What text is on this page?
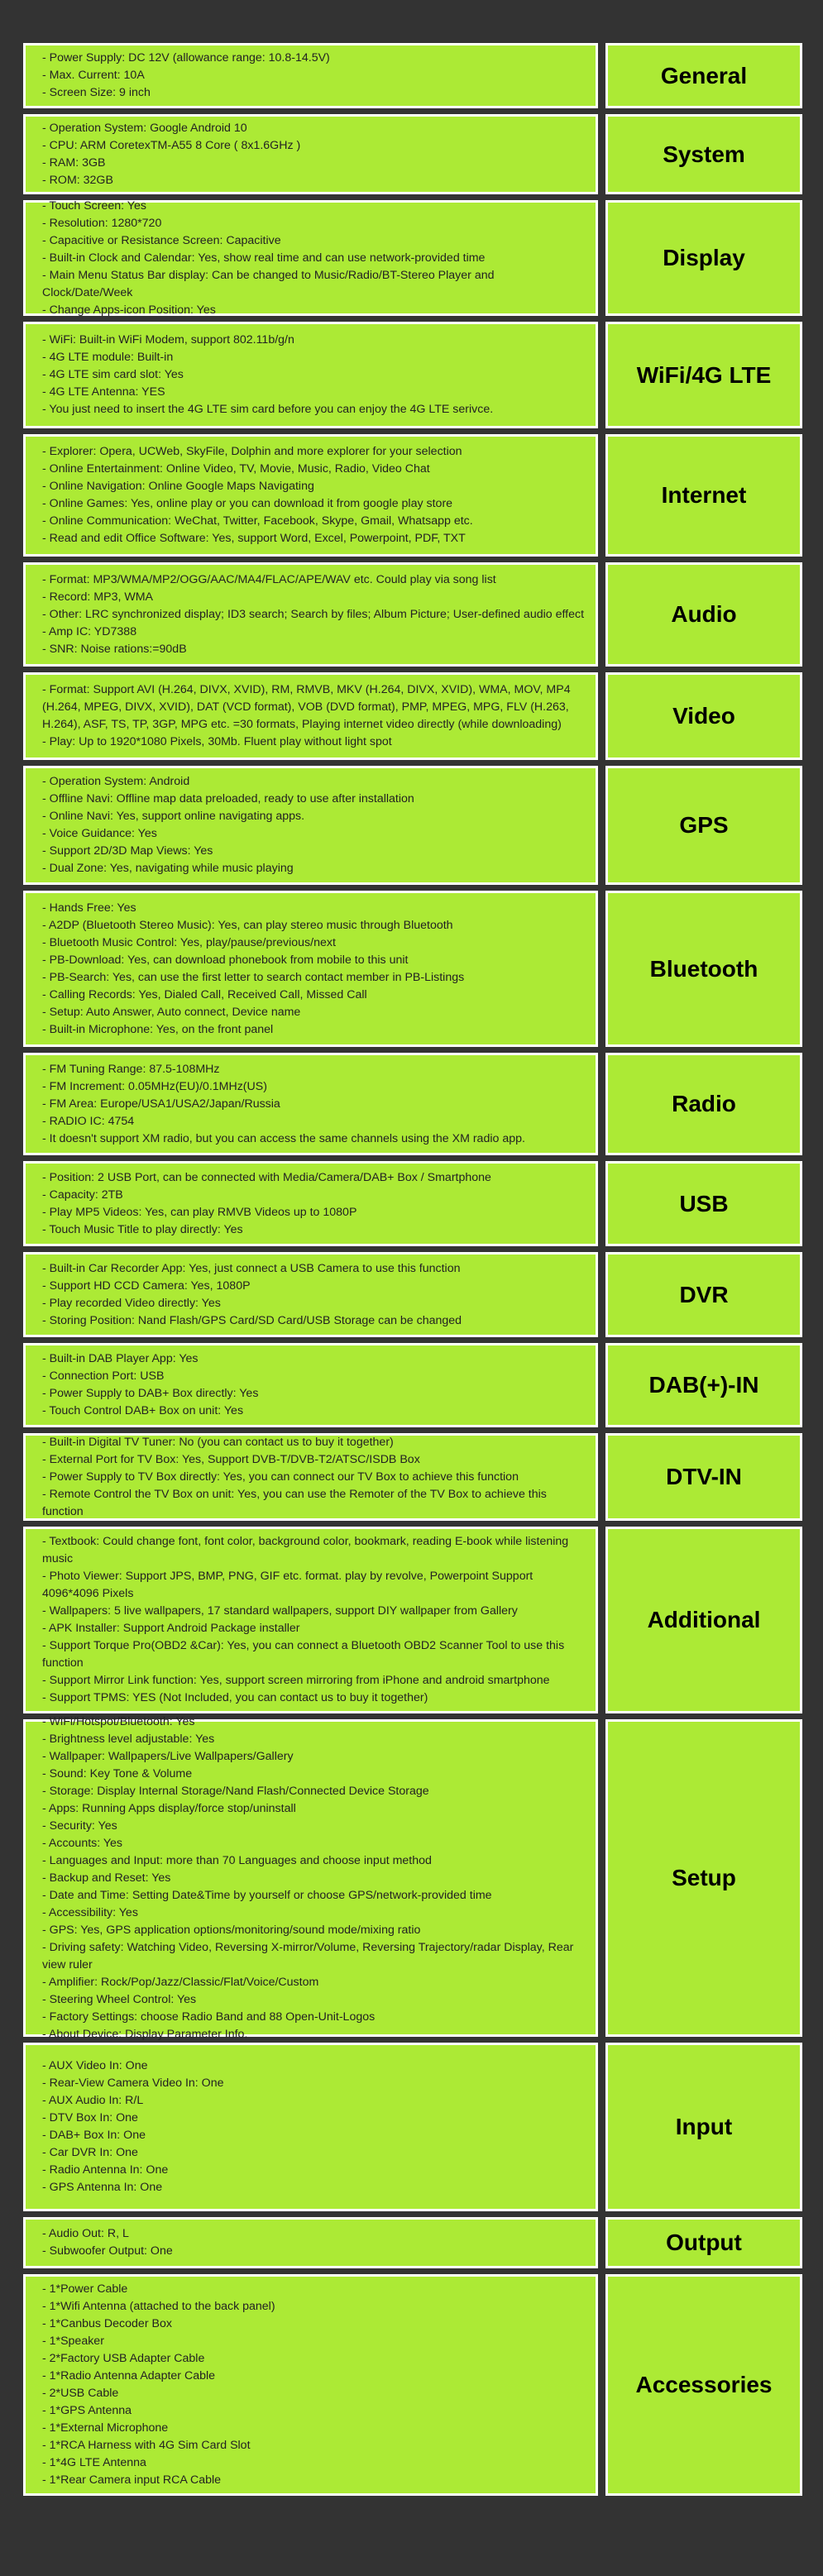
- Power Supply: DC 12V (allowance range: 10.8-14.5V)
- Max. Current: 10A
- Screen Size: 9 inch
General
- Operation System: Google Android 10
- CPU: ARM CoretexTM-A55 8 Core ( 8x1.6GHz )
- RAM: 3GB
- ROM: 32GB
System
- Touch Screen: Yes
- Resolution: 1280*720
- Capacitive or Resistance Screen: Capacitive
- Built-in Clock and Calendar: Yes, show real time and can use network-provided time
- Main Menu Status Bar display: Can be changed to Music/Radio/BT-Stereo Player and Clock/Date/Week
- Change Apps-icon Position: Yes
Display
- WiFi: Built-in WiFi Modem, support 802.11b/g/n
- 4G LTE module: Built-in
- 4G LTE sim card slot: Yes
- 4G LTE Antenna: YES
- You just need to insert the 4G LTE sim card before you can enjoy the 4G LTE serivce.
WiFi/4G LTE
- Explorer: Opera, UCWeb, SkyFile, Dolphin and more explorer for your selection
- Online Entertainment: Online Video, TV, Movie, Music, Radio, Video Chat
- Online Navigation: Online Google Maps Navigating
- Online Games: Yes, online play or you can download it from google play store
- Online Communication: WeChat, Twitter, Facebook, Skype, Gmail, Whatsapp etc.
- Read and edit Office Software: Yes, support Word, Excel, Powerpoint, PDF, TXT
Internet
- Format: MP3/WMA/MP2/OGG/AAC/MA4/FLAC/APE/WAV etc. Could play via song list
- Record: MP3, WMA
- Other: LRC synchronized display; ID3 search; Search by files; Album Picture; User-defined audio effect
- Amp IC: YD7388
- SNR: Noise rations:=90dB
Audio
- Format: Support AVI (H.264, DIVX, XVID), RM, RMVB, MKV (H.264, DIVX, XVID), WMA, MOV, MP4 (H.264, MPEG, DIVX, XVID), DAT (VCD format), VOB (DVD format), PMP, MPEG, MPG, FLV (H.263, H.264), ASF, TS, TP, 3GP, MPG etc. =30 formats, Playing internet video directly (while downloading)
- Play: Up to 1920*1080 Pixels, 30Mb. Fluent play without light spot
Video
- Operation System: Android
- Offline Navi: Offline map data preloaded, ready to use after installation
- Online Navi: Yes, support online navigating apps.
- Voice Guidance: Yes
- Support 2D/3D Map Views: Yes
- Dual Zone: Yes, navigating while music playing
GPS
- Hands Free: Yes
- A2DP (Bluetooth Stereo Music): Yes, can play stereo music through Bluetooth
- Bluetooth Music Control: Yes, play/pause/previous/next
- PB-Download: Yes, can download phonebook from mobile to this unit
- PB-Search: Yes, can use the first letter to search contact member in PB-Listings
- Calling Records: Yes, Dialed Call, Received Call, Missed Call
- Setup: Auto Answer, Auto connect, Device name
- Built-in Microphone: Yes, on the front panel
Bluetooth
- FM Tuning Range: 87.5-108MHz
- FM Increment: 0.05MHz(EU)/0.1MHz(US)
- FM Area: Europe/USA1/USA2/Japan/Russia
- RADIO IC: 4754
- It doesn't support XM radio, but you can access the same channels using the XM radio app.
Radio
- Position: 2 USB Port, can be connected with Media/Camera/DAB+ Box / Smartphone
- Capacity: 2TB
- Play MP5 Videos: Yes, can play RMVB Videos up to 1080P
- Touch Music Title to play directly: Yes
USB
- Built-in Car Recorder App: Yes, just connect a USB Camera to use this function
- Support HD CCD Camera: Yes, 1080P
- Play recorded Video directly: Yes
- Storing Position: Nand Flash/GPS Card/SD Card/USB Storage can be changed
DVR
- Built-in DAB Player App: Yes
- Connection Port: USB
- Power Supply to DAB+ Box directly: Yes
- Touch Control DAB+ Box on unit: Yes
DAB(+)-IN
- Built-in Digital TV Tuner: No (you can contact us to buy it together)
- External Port for TV Box: Yes, Support DVB-T/DVB-T2/ATSC/ISDB Box
- Power Supply to TV Box directly: Yes, you can connect our TV Box to achieve this function
- Remote Control the TV Box on unit: Yes, you can use the Remoter of the TV Box to achieve this function
DTV-IN
- Textbook: Could change font, font color, background color, bookmark, reading E-book while listening music
- Photo Viewer: Support JPS, BMP, PNG, GIF etc. format. play by revolve, Powerpoint Support 4096*4096 Pixels
- Wallpapers: 5 live wallpapers, 17 standard wallpapers, support DIY wallpaper from Gallery
- APK Installer: Support Android Package installer
- Support Torque Pro(OBD2 &Car): Yes, you can connect a Bluetooth OBD2 Scanner Tool to use this function
- Support Mirror Link function: Yes, support screen mirroring from iPhone and android smartphone
- Support TPMS: YES (Not Included, you can contact us to buy it together)
Additional
- WiFi/Hotspot/Bluetooth: Yes
- Brightness level adjustable: Yes
- Wallpaper: Wallpapers/Live Wallpapers/Gallery
- Sound: Key Tone & Volume
- Storage: Display Internal Storage/Nand Flash/Connected Device Storage
- Apps: Running Apps display/force stop/uninstall
- Security: Yes
- Accounts: Yes
- Languages and Input: more than 70 Languages and choose input method
- Backup and Reset: Yes
- Date and Time: Setting Date&Time by yourself or choose GPS/network-provided time
- Accessibility: Yes
- GPS: Yes, GPS application options/monitoring/sound mode/mixing ratio
- Driving safety: Watching Video, Reversing X-mirror/Volume, Reversing Trajectory/radar Display, Rear view ruler
- Amplifier: Rock/Pop/Jazz/Classic/Flat/Voice/Custom
- Steering Wheel Control: Yes
- Factory Settings: choose Radio Band and 88 Open-Unit-Logos
- About Device: Display Parameter Info.
Setup
- AUX Video In: One
- Rear-View Camera Video In: One
- AUX Audio In: R/L
- DTV Box In: One
- DAB+ Box In: One
- Car DVR In: One
- Radio Antenna In: One
- GPS Antenna In: One
Input
- Audio Out: R, L
- Subwoofer Output: One	Output
- 1*Power Cable
- 1*Wifi Antenna (attached to the back panel)
- 1*Canbus Decoder Box
- 1*Speaker
- 2*Factory USB Adapter Cable
- 1*Radio Antenna Adapter Cable
- 2*USB Cable
- 1*GPS Antenna
- 1*External Microphone
- 1*RCA Harness with 4G Sim Card Slot
- 1*4G LTE Antenna
- 1*Rear Camera input RCA Cable
Accessories
